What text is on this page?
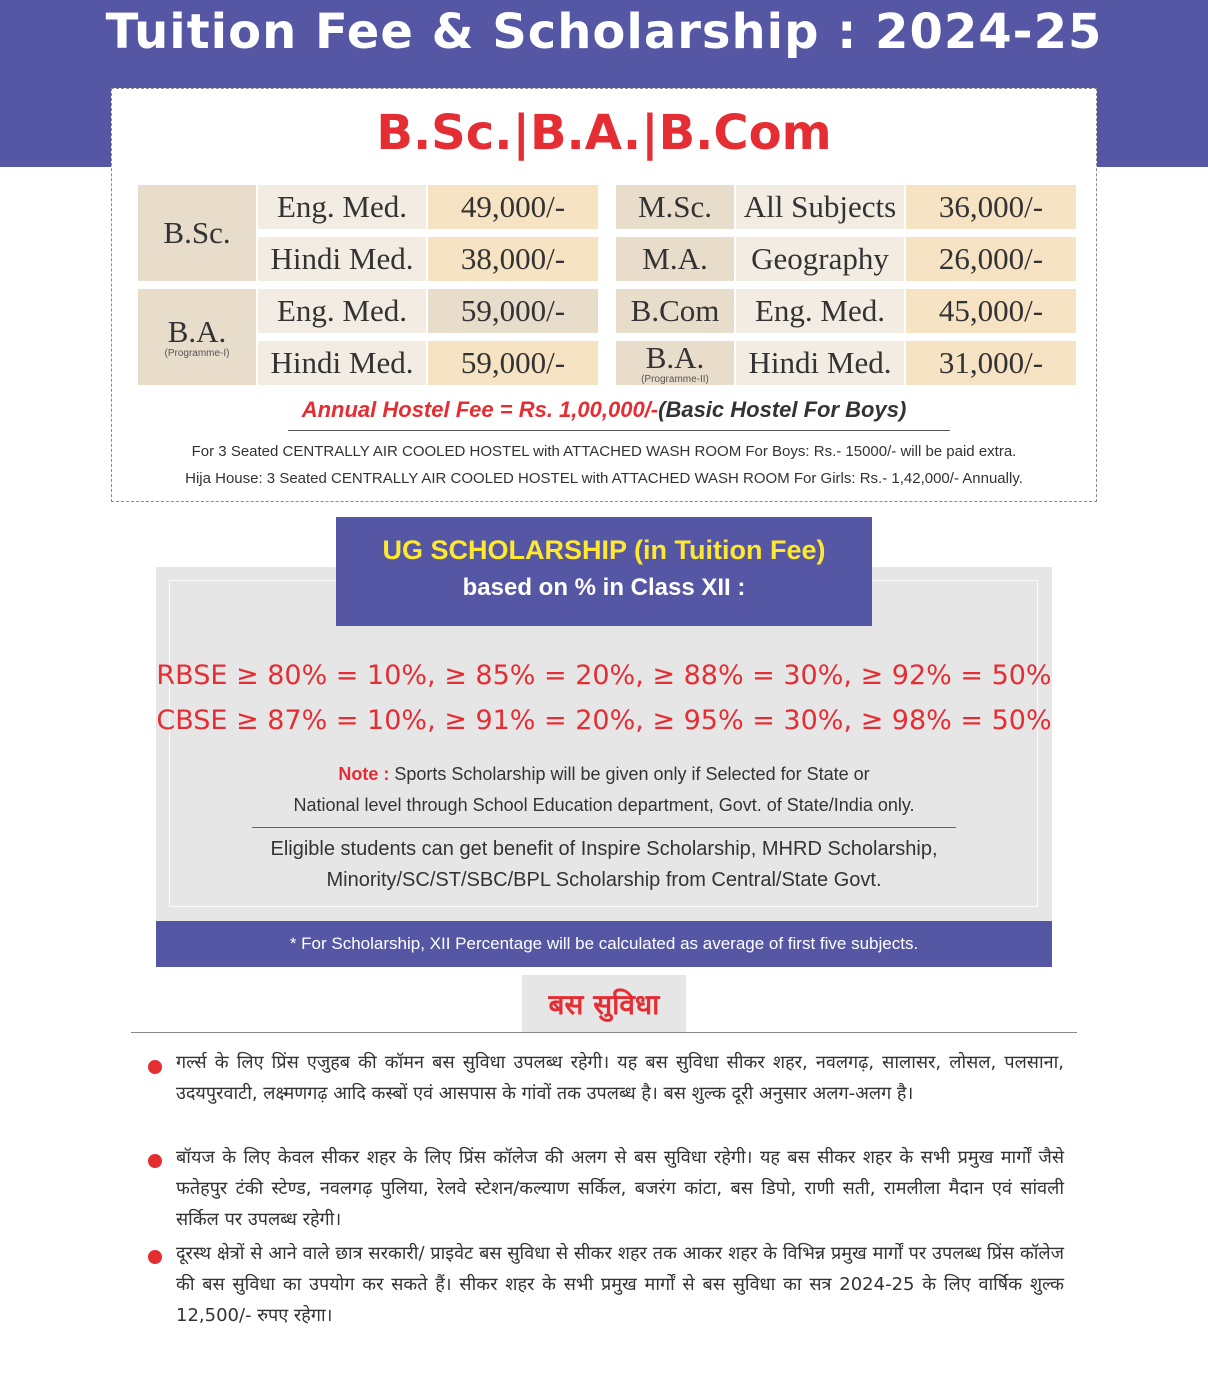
Tuition Fee & Scholarship : 2024-25
B.Sc.|B.A.|B.Com
B.Sc.
Eng. Med. 49,000/-
Hindi Med. 38,000/-
B.A.
(Programme-I)
Eng. Med. 59,000/-
Hindi Med. 59,000/-
M.Sc. All Subjects 36,000/-
M.A. Geography 26,000/-
B.Com Eng. Med. 45,000/-
B.A.
(Programme-II) Hindi Med. 31,000/-
Annual Hostel Fee = Rs. 1,00,000/-(Basic Hostel For Boys)
For 3 Seated CENTRALLY AIR COOLED HOSTEL with ATTACHED WASH ROOM For Boys: Rs.- 15000/- will be paid extra.
Hija House: 3 Seated CENTRALLY AIR COOLED HOSTEL with ATTACHED WASH ROOM For Girls: Rs.- 1,42,000/- Annually.
UG SCHOLARSHIP (in Tuition Fee)
based on % in Class XII :
RBSE ≥ 80% = 10%, ≥ 85% = 20%, ≥ 88% = 30%, ≥ 92% = 50%
CBSE ≥ 87% = 10%, ≥ 91% = 20%, ≥ 95% = 30%, ≥ 98% = 50%
Note : Sports Scholarship will be given only if Selected for State or
National level through School Education department, Govt. of State/India only.
Eligible students can get benefit of Inspire Scholarship, MHRD Scholarship,
Minority/SC/ST/SBC/BPL Scholarship from Central/State Govt.
* For Scholarship, XII Percentage will be calculated as average of first five subjects.
बस सुविधा
गर्ल्स के लिए प्रिंस एजुहब की कॉमन बस सुविधा उपलब्ध रहेगी। यह बस सुविधा सीकर शहर, नवलगढ़, सालासर, लोसल, पलसाना, उदयपुरवाटी, लक्ष्मणगढ़ आदि कस्बों एवं आसपास के गांवों तक उपलब्ध है। बस शुल्क दूरी अनुसार अलग-अलग है।
बॉयज के लिए केवल सीकर शहर के लिए प्रिंस कॉलेज की अलग से बस सुविधा रहेगी। यह बस सीकर शहर के सभी प्रमुख मार्गों जैसे फतेहपुर टंकी स्टेण्ड, नवलगढ़ पुलिया, रेलवे स्टेशन/कल्याण सर्किल, बजरंग कांटा, बस डिपो, राणी सती, रामलीला मैदान एवं सांवली सर्किल पर उपलब्ध रहेगी।
दूरस्थ क्षेत्रों से आने वाले छात्र सरकारी/ प्राइवेट बस सुविधा से सीकर शहर तक आकर शहर के विभिन्न प्रमुख मार्गों पर उपलब्ध प्रिंस कॉलेज की बस सुविधा का उपयोग कर सकते हैं। सीकर शहर के सभी प्रमुख मार्गों से बस सुविधा का सत्र 2024-25 के लिए वार्षिक शुल्क 12,500/- रुपए रहेगा।
